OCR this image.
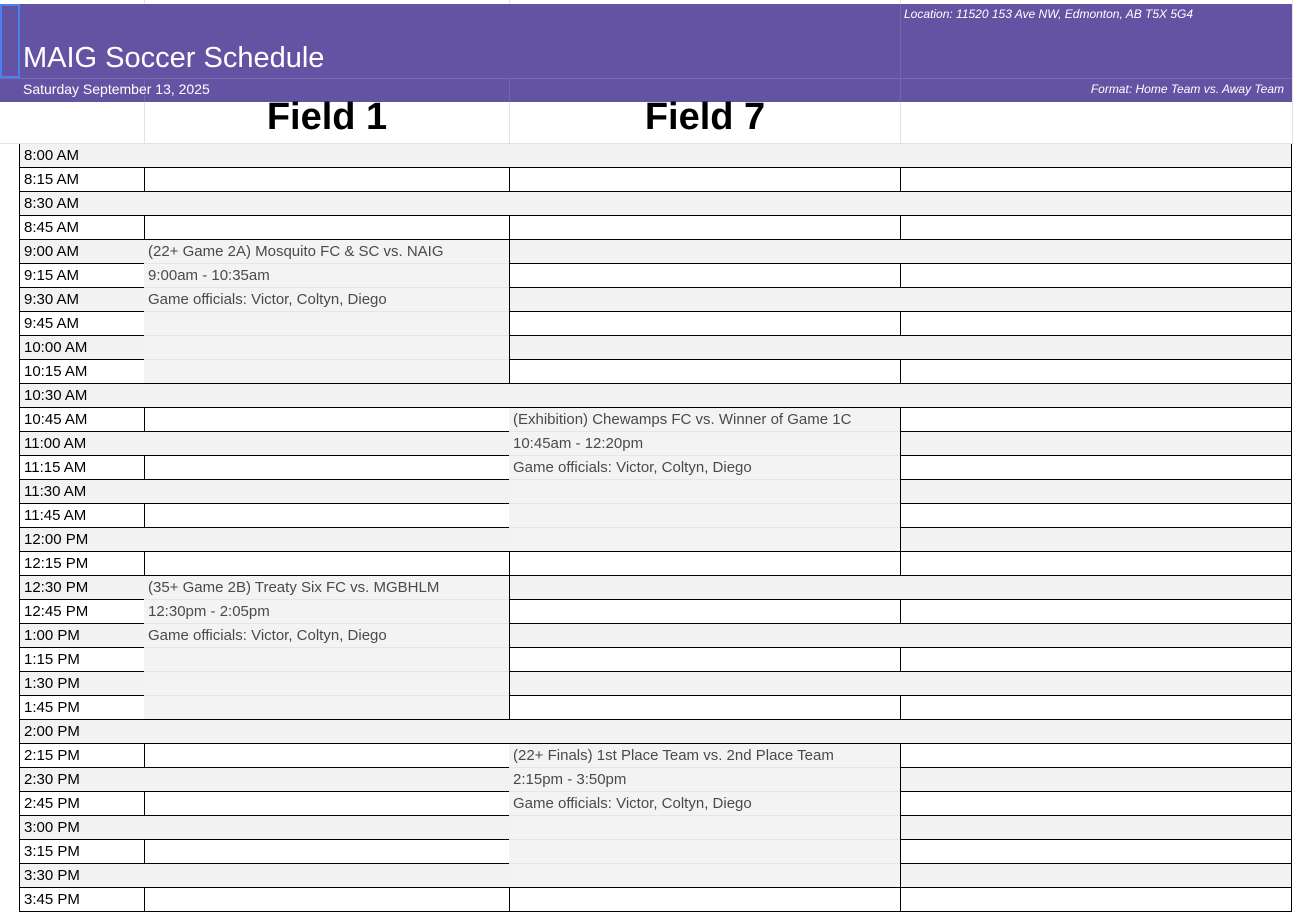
MAIG Soccer Schedule
Saturday September 13, 2025
Location: 11520 153 Ave NW, Edmonton, AB T5X 5G4
Format: Home Team vs. Away Team
Field 1	Field 7
8:00 AM
8:15 AM
8:30 AM
8:45 AM
9:00 AM
9:15 AM
9:30 AM
9:45 AM
10:00 AM
10:15 AM
10:30 AM
10:45 AM
11:00 AM
11:15 AM
11:30 AM
11:45 AM
12:00 PM
12:15 PM
12:30 PM
12:45 PM
1:00 PM
1:15 PM
1:30 PM
1:45 PM
2:00 PM
2:15 PM
2:30 PM
2:45 PM
3:00 PM
3:15 PM
3:30 PM
3:45 PM
(22+ Game 2A) Mosquito FC & SC vs. NAIG
9:00am - 10:35am
Game officials: Victor, Coltyn, Diego
(Exhibition) Chewamps FC vs. Winner of Game 1C
10:45am - 12:20pm
Game officials: Victor, Coltyn, Diego
(35+ Game 2B) Treaty Six FC vs. MGBHLM
12:30pm - 2:05pm
Game officials: Victor, Coltyn, Diego
(22+ Finals) 1st Place Team vs. 2nd Place Team
2:15pm - 3:50pm
Game officials: Victor, Coltyn, Diego
